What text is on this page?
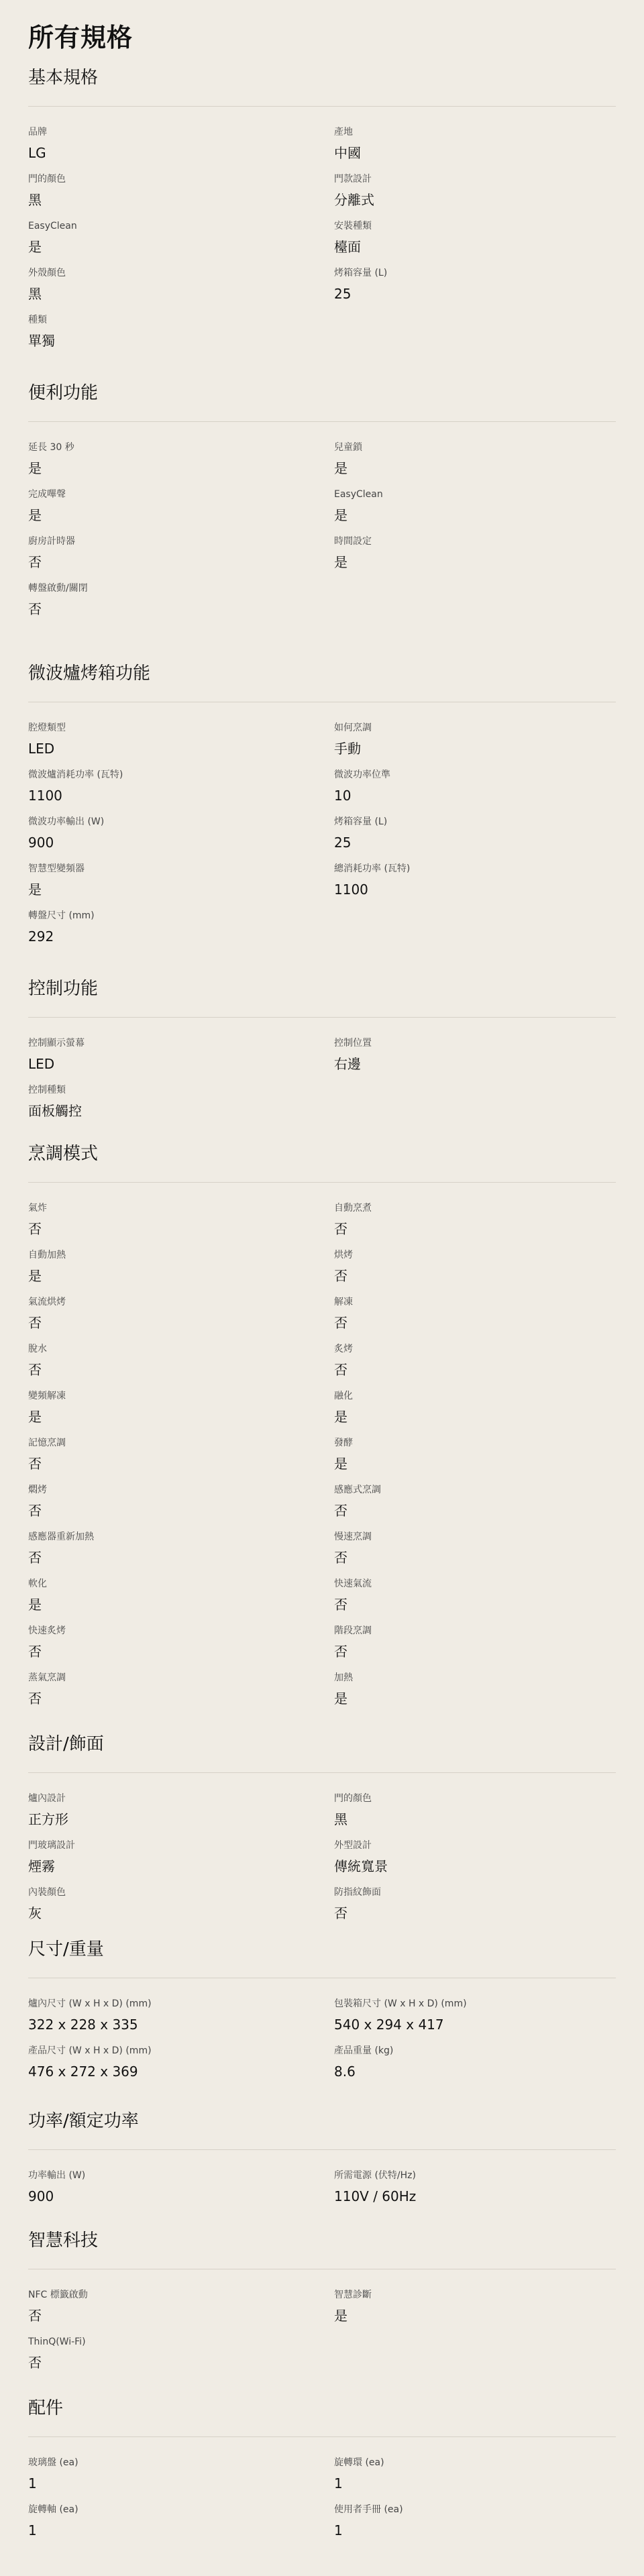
所有規格
基本規格
品牌
LG
產地
中國
門的顏色
黑
門款設計
分離式
EasyClean
是
安裝種類
檯面
外殼顏色
黑
烤箱容量 (L)
25
種類
單獨
便利功能
延長 30 秒
是
兒童鎖
是
完成嗶聲
是
EasyClean
是
廚房計時器
否
時間設定
是
轉盤啟動/關閉
否
微波爐烤箱功能
腔燈類型
LED
如何烹調
手動
微波爐消耗功率 (瓦特)
1100
微波功率位準
10
微波功率輸出 (W)
900
烤箱容量 (L)
25
智慧型變頻器
是
總消耗功率 (瓦特)
1100
轉盤尺寸 (mm)
292
控制功能
控制顯示螢幕
LED
控制位置
右邊
控制種類
面板觸控
烹調模式
氣炸
否
自動烹煮
否
自動加熱
是
烘烤
否
氣流烘烤
否
解凍
否
脫水
否
炙烤
否
變頻解凍
是
融化
是
記憶烹調
否
發酵
是
燜烤
否
感應式烹調
否
感應器重新加熱
否
慢速烹調
否
軟化
是
快速氣流
否
快速炙烤
否
階段烹調
否
蒸氣烹調
否
加熱
是
設計/飾面
爐內設計
正方形
門的顏色
黑
門玻璃設計
煙霧
外型設計
傳統寬景
內裝顏色
灰
防指紋飾面
否
尺寸/重量
爐內尺寸 (W x H x D) (mm)
322 x 228 x 335
包裝箱尺寸 (W x H x D) (mm)
540 x 294 x 417
產品尺寸 (W x H x D) (mm)
476 x 272 x 369
產品重量 (kg)
8.6
功率/額定功率
功率輸出 (W)
900
所需電源 (伏特/Hz)
110V / 60Hz
智慧科技
NFC 標籤啟動
否
智慧診斷
是
ThinQ(Wi-Fi)
否
配件
玻璃盤 (ea)
1
旋轉環 (ea)
1
旋轉軸 (ea)
1
使用者手冊 (ea)
1
